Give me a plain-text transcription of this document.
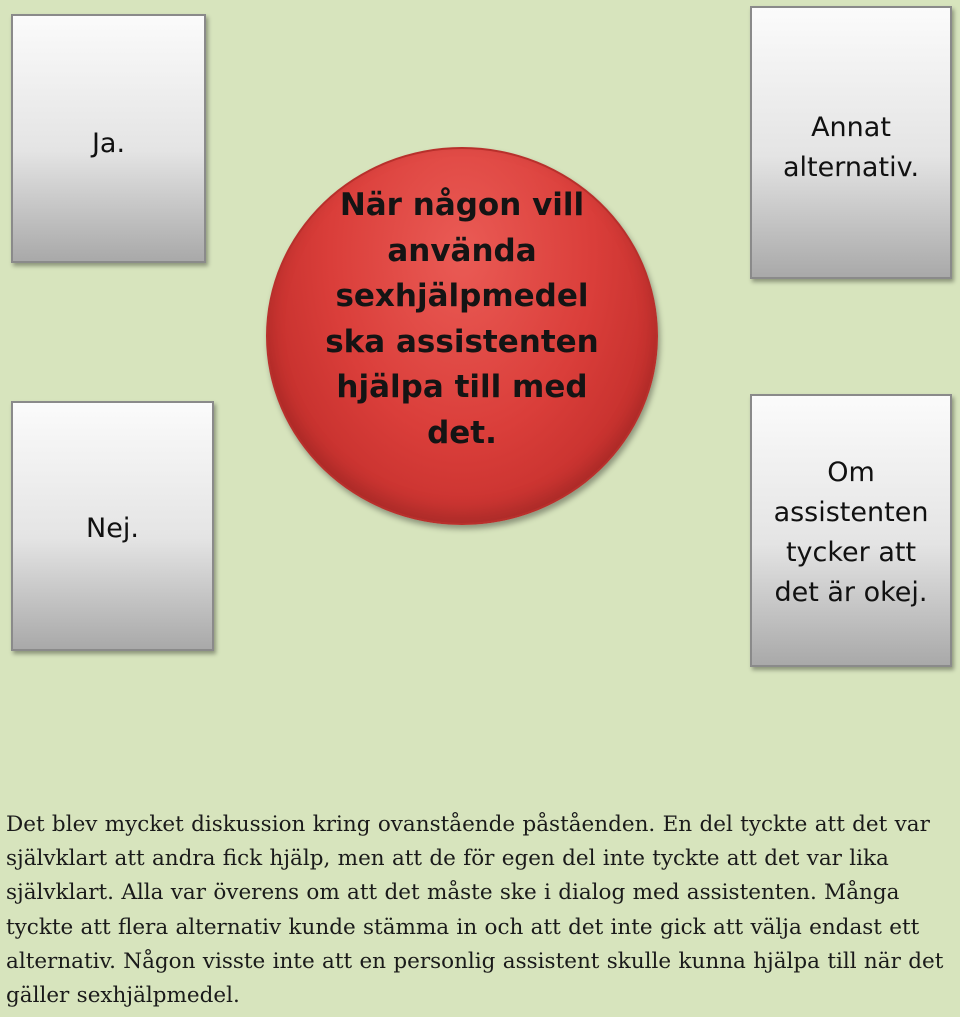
Ja.
Nej.
Annat alternativ.
Om assistenten tycker att det är okej.
När någon vill använda sexhjälpmedel ska assistenten hjälpa till med det.

Det blev mycket diskussion kring ovanstående påståenden. En del tyckte att det var självklart att andra fick hjälp, men att de för egen del inte tyckte att det var lika självklart. Alla var överens om att det måste ske i dialog med assistenten. Många tyckte att flera alternativ kunde stämma in och att det inte gick att välja endast ett alternativ. Någon visste inte att en personlig assistent skulle kunna hjälpa till när det gäller sexhjälpmedel.
